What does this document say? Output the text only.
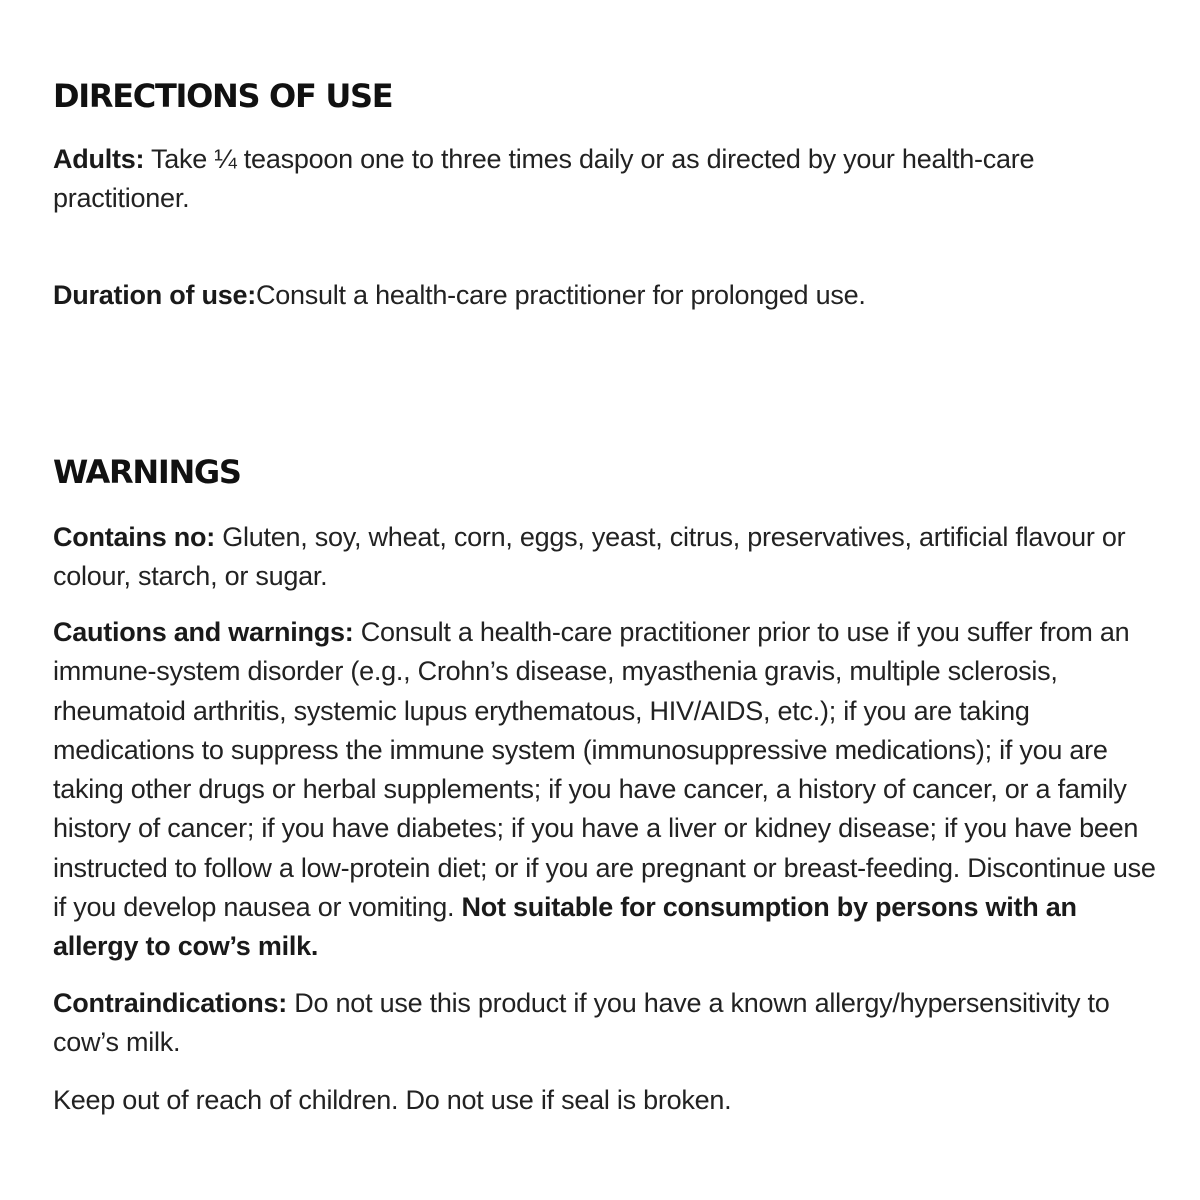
DIRECTIONS OF USE

Adults: Take ¼ teaspoon one to three times daily or as directed by your health-care practitioner.

Duration of use:Consult a health-care practitioner for prolonged use.

WARNINGS

Contains no: Gluten, soy, wheat, corn, eggs, yeast, citrus, preservatives, artificial flavour or colour, starch, or sugar.

Cautions and warnings: Consult a health-care practitioner prior to use if you suffer from an immune-system disorder (e.g., Crohn’s disease, myasthenia gravis, multiple sclerosis, rheumatoid arthritis, systemic lupus erythematous, HIV/AIDS, etc.); if you are taking medications to suppress the immune system (immunosuppressive medications); if you are taking other drugs or herbal supplements; if you have cancer, a history of cancer, or a family history of cancer; if you have diabetes; if you have a liver or kidney disease; if you have been instructed to follow a low-protein diet; or if you are pregnant or breast-feeding. Discontinue use if you develop nausea or vomiting. Not suitable for consumption by persons with an allergy to cow’s milk.

Contraindications: Do not use this product if you have a known allergy/hypersensitivity to cow’s milk.

Keep out of reach of children. Do not use if seal is broken.
